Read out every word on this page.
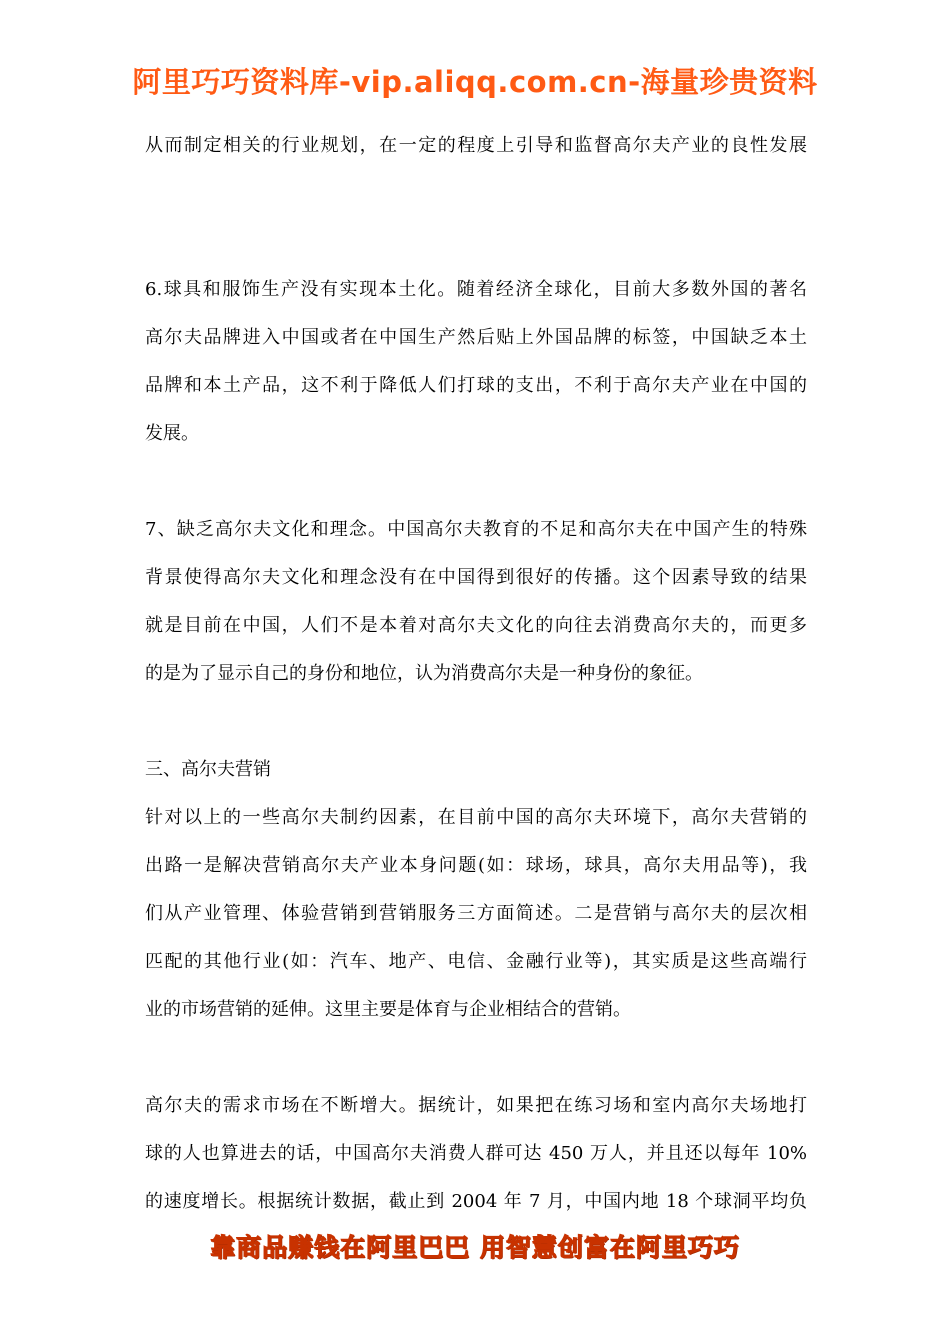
阿里巧巧资料库-vip.aliqq.com.cn-海量珍贵资料
从而制定相关的行业规划，在一定的程度上引导和监督高尔夫产业的良性发展
6.球具和服饰生产没有实现本土化。随着经济全球化，目前大多数外国的著名
高尔夫品牌进入中国或者在中国生产然后贴上外国品牌的标签，中国缺乏本土
品牌和本土产品，这不利于降低人们打球的支出，不利于高尔夫产业在中国的
发展。
7、缺乏高尔夫文化和理念。中国高尔夫教育的不足和高尔夫在中国产生的特殊
背景使得高尔夫文化和理念没有在中国得到很好的传播。这个因素导致的结果
就是目前在中国，人们不是本着对高尔夫文化的向往去消费高尔夫的，而更多
的是为了显示自己的身份和地位，认为消费高尔夫是一种身份的象征。
三、高尔夫营销
针对以上的一些高尔夫制约因素，在目前中国的高尔夫环境下，高尔夫营销的
出路一是解决营销高尔夫产业本身问题(如：球场，球具，高尔夫用品等)，我
们从产业管理、体验营销到营销服务三方面简述。二是营销与高尔夫的层次相
匹配的其他行业(如：汽车、地产、电信、金融行业等)，其实质是这些高端行
业的市场营销的延伸。这里主要是体育与企业相结合的营销。
高尔夫的需求市场在不断增大。据统计，如果把在练习场和室内高尔夫场地打
球的人也算进去的话，中国高尔夫消费人群可达 450 万人，并且还以每年 10%
的速度增长。根据统计数据，截止到 2004 年 7 月，中国内地 18 个球洞平均负
靠商品赚钱在阿里巴巴 用智慧创富在阿里巧巧
